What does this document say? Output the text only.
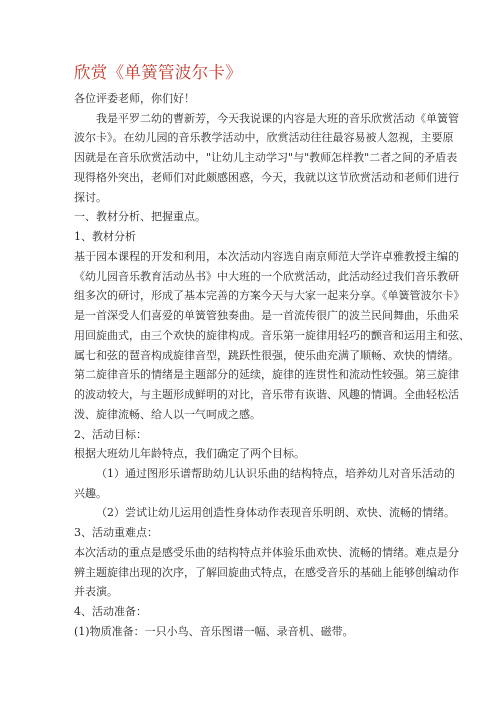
欣赏《单簧管波尔卡》
各位评委老师，你们好！
我是平罗二幼的曹新芳，今天我说课的内容是大班的音乐欣赏活动《单簧管
波尔卡》。在幼儿园的音乐教学活动中，欣赏活动往往最容易被人忽视，主要原
因就是在音乐欣赏活动中，"让幼儿主动学习"与"教师怎样教"二者之间的矛盾表
现得格外突出，老师们对此颇感困惑，今天，我就以这节欣赏活动和老师们进行
探讨。
一、教材分析、把握重点。
1、教材分析
基于园本课程的开发和利用，本次活动内容选自南京师范大学许卓雅教授主编的
《幼儿园音乐教育活动丛书》中大班的一个欣赏活动，此活动经过我们音乐教研
组多次的研讨，形成了基本完善的方案今天与大家一起来分享。《单簧管波尔卡》
是一首深受人们喜爱的单簧管独奏曲。是一首流传很广的波兰民间舞曲，乐曲采
用回旋曲式，由三个欢快的旋律构成。音乐第一旋律用轻巧的颤音和运用主和弦、
属七和弦的琶音构成旋律音型，跳跃性很强，使乐曲充满了顺畅、欢快的情绪。
第二旋律音乐的情绪是主题部分的延续，旋律的连贯性和流动性较强。第三旋律
的波动较大，与主题形成鲜明的对比，音乐带有诙谐、风趣的情调。全曲轻松活
泼、旋律流畅、给人以一气呵成之感。
2、活动目标：
根据大班幼儿年龄特点，我们确定了两个目标。
（1）通过图形乐谱帮助幼儿认识乐曲的结构特点，培养幼儿对音乐活动的
兴趣。
（2）尝试让幼儿运用创造性身体动作表现音乐明朗、欢快、流畅的情绪。
3、活动重难点：
本次活动的重点是感受乐曲的结构特点并体验乐曲欢快、流畅的情绪。难点是分
辨主题旋律出现的次序，了解回旋曲式特点，在感受音乐的基础上能够创编动作
并表演。
4、活动准备：
(1)物质准备：一只小鸟、音乐图谱一幅、录音机、磁带。
